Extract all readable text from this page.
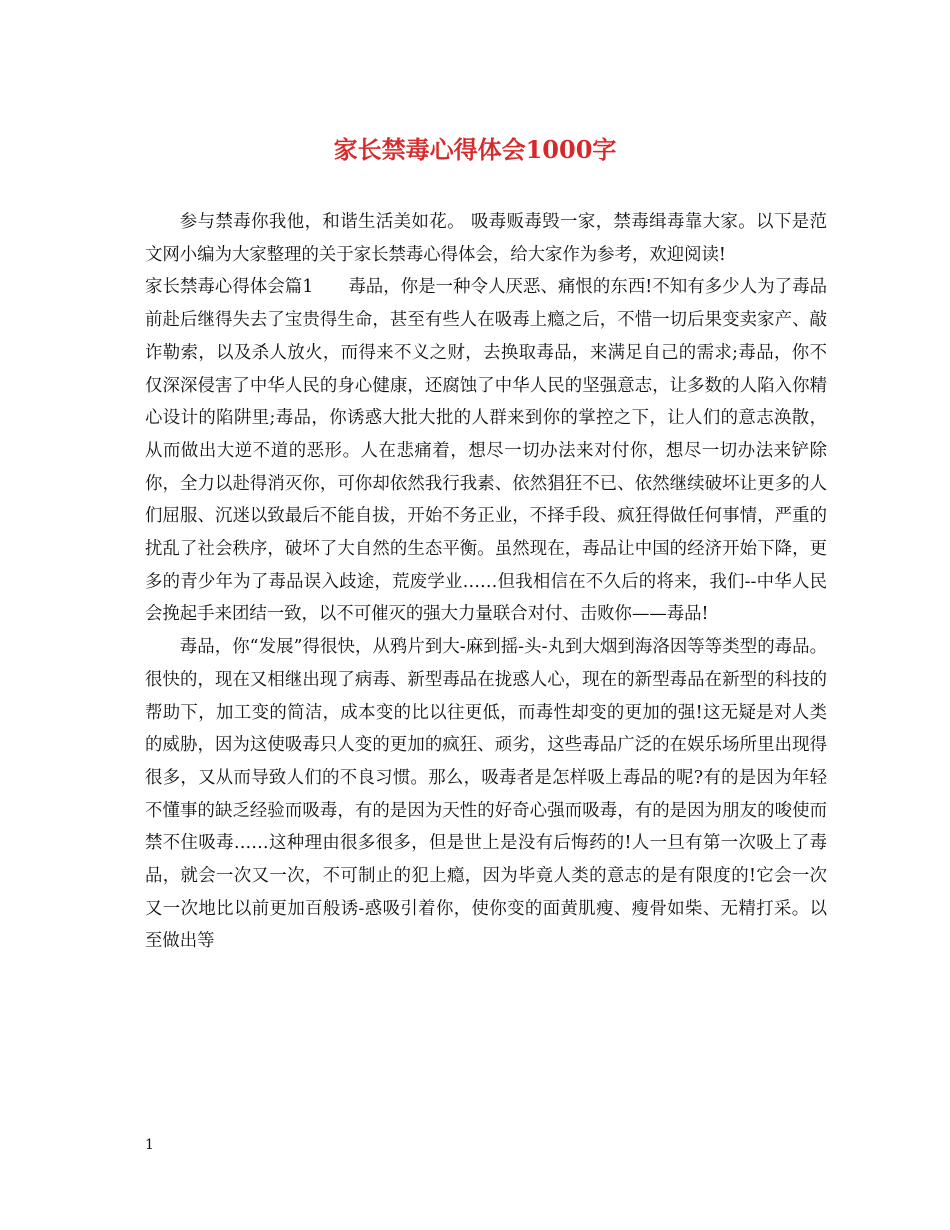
家长禁毒心得体会1000字

参与禁毒你我他，和谐生活美如花。 吸毒贩毒毁一家，禁毒缉毒靠大家。以下是范文网小编为大家整理的关于家长禁毒心得体会，给大家作为参考，欢迎阅读!

家长禁毒心得体会篇1　　 毒品，你是一种令人厌恶、痛恨的东西!不知有多少人为了毒品前赴后继得失去了宝贵得生命，甚至有些人在吸毒上瘾之后，不惜一切后果变卖家产、敲诈勒索，以及杀人放火，而得来不义之财，去换取毒品，来满足自己的需求;毒品，你不仅深深侵害了中华人民的身心健康，还腐蚀了中华人民的坚强意志，让多数的人陷入你精心设计的陷阱里;毒品，你诱惑大批大批的人群来到你的掌控之下，让人们的意志涣散，从而做出大逆不道的恶形。人在悲痛着，想尽一切办法来对付你，想尽一切办法来铲除你，全力以赴得消灭你，可你却依然我行我素、依然猖狂不已、依然继续破坏让更多的人们屈服、沉迷以致最后不能自拔，开始不务正业，不择手段、疯狂得做任何事情，严重的扰乱了社会秩序，破坏了大自然的生态平衡。虽然现在，毒品让中国的经济开始下降，更多的青少年为了毒品误入歧途，荒废学业……但我相信在不久后的将来，我们--中华人民会挽起手来团结一致，以不可催灭的强大力量联合对付、击败你——毒品!

毒品，你“发展”得很快，从鸦片到大-麻到摇-头-丸到大烟到海洛因等等类型的毒品。很快的，现在又相继出现了病毒、新型毒品在拢惑人心，现在的新型毒品在新型的科技的帮助下，加工变的简洁，成本变的比以往更低，而毒性却变的更加的强!这无疑是对人类的威胁，因为这使吸毒只人变的更加的疯狂、顽劣，这些毒品广泛的在娱乐场所里出现得很多，又从而导致人们的不良习惯。那么，吸毒者是怎样吸上毒品的呢?有的是因为年轻不懂事的缺乏经验而吸毒，有的是因为天性的好奇心强而吸毒，有的是因为朋友的唆使而禁不住吸毒……这种理由很多很多，但是世上是没有后悔药的!人一旦有第一次吸上了毒品，就会一次又一次，不可制止的犯上瘾，因为毕竟人类的意志的是有限度的!它会一次又一次地比以前更加百般诱-惑吸引着你，使你变的面黄肌瘦、瘦骨如柴、无精打采。以至做出等

1
